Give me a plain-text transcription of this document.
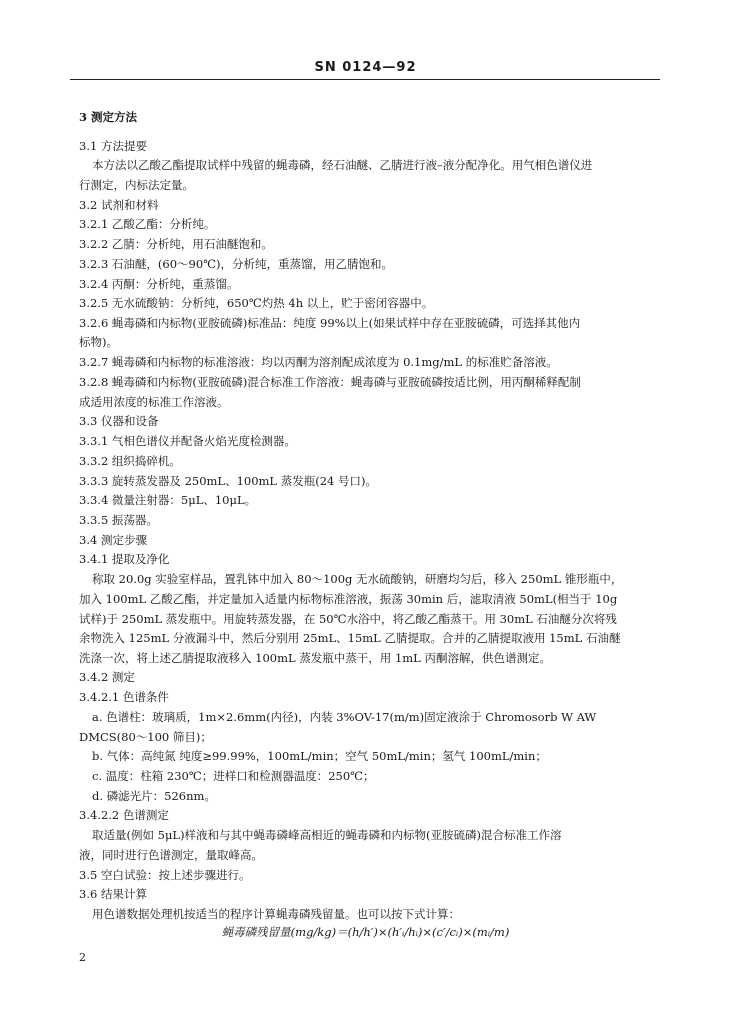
SN 0124—92
3 测定方法
3.1 方法提要
本方法以乙酸乙酯提取试样中残留的蝇毒磷，经石油醚、乙腈进行液–液分配净化。用气相色谱仪进
行测定，内标法定量。
3.2 试剂和材料
3.2.1 乙酸乙酯：分析纯。
3.2.2 乙腈：分析纯，用石油醚饱和。
3.2.3 石油醚，(60～90℃)，分析纯，重蒸馏，用乙腈饱和。
3.2.4 丙酮：分析纯，重蒸馏。
3.2.5 无水硫酸钠：分析纯，650℃灼热 4h 以上，贮于密闭容器中。
3.2.6 蝇毒磷和内标物(亚胺硫磷)标准品：纯度 99%以上(如果试样中存在亚胺硫磷，可选择其他内
标物)。
3.2.7 蝇毒磷和内标物的标准溶液：均以丙酮为溶剂配成浓度为 0.1mg/mL 的标准贮备溶液。
3.2.8 蝇毒磷和内标物(亚胺硫磷)混合标准工作溶液：蝇毒磷与亚胺硫磷按适比例，用丙酮稀释配制
成适用浓度的标准工作溶液。
3.3 仪器和设备
3.3.1 气相色谱仪并配备火焰光度检测器。
3.3.2 组织捣碎机。
3.3.3 旋转蒸发器及 250mL、100mL 蒸发瓶(24 号口)。
3.3.4 微量注射器：5μL、10μL。
3.3.5 振荡器。
3.4 测定步骤
3.4.1 提取及净化
称取 20.0g 实验室样品，置乳钵中加入 80～100g 无水硫酸钠，研磨均匀后，移入 250mL 锥形瓶中，
加入 100mL 乙酸乙酯，并定量加入适量内标物标准溶液，振荡 30min 后，滤取清液 50mL(相当于 10g
试样)于 250mL 蒸发瓶中。用旋转蒸发器，在 50℃水浴中，将乙酸乙酯蒸干。用 30mL 石油醚分次将残
余物洗入 125mL 分液漏斗中，然后分别用 25mL、15mL 乙腈提取。合并的乙腈提取液用 15mL 石油醚
洗涤一次，将上述乙腈提取液移入 100mL 蒸发瓶中蒸干，用 1mL 丙酮溶解，供色谱测定。
3.4.2 测定
3.4.2.1 色谱条件
a. 色谱柱：玻璃质，1m×2.6mm(内径)，内装 3%OV-17(m/m)固定液涂于 Chromosorb W AW
DMCS(80～100 筛目)；
b. 气体：高纯氮 纯度≥99.99%，100mL/min；空气 50mL/min；氢气 100mL/min；
c. 温度：柱箱 230℃；进样口和检测器温度：250℃；
d. 磷滤光片：526nm。
3.4.2.2 色谱测定
取适量(例如 5μL)样液和与其中蝇毒磷峰高相近的蝇毒磷和内标物(亚胺硫磷)混合标准工作溶
液，同时进行色谱测定，量取峰高。
3.5 空白试验：按上述步骤进行。
3.6 结果计算
用色谱数据处理机按适当的程序计算蝇毒磷残留量。也可以按下式计算：
蝇毒磷残留量(mg/kg)＝(h/h′)×(h′ᵢ/hᵢ)×(c′/cᵢ)×(mᵢ/m)
2
